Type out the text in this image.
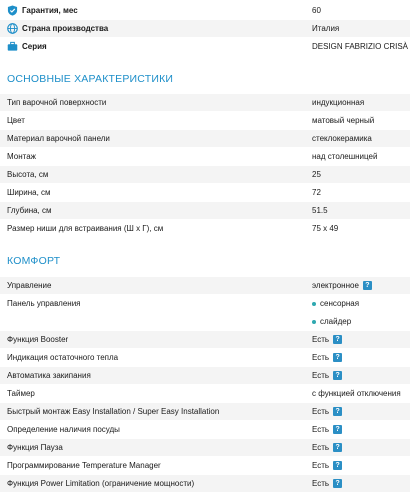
Гарантия, мес	60
Страна производства	Италия
Серия	DESIGN FABRIZIO CRISÀ
ОСНОВНЫЕ ХАРАКТЕРИСТИКИ
Тип варочной поверхности	индукционная
Цвет	матовый черный
Материал варочной панели	стеклокерамика
Монтаж	над столешницей
Высота, см	25
Ширина, см	72
Глубина, см	51.5
Размер ниши для встраивания (Ш х Г), см	75 x 49
КОМФОРТ
Управление	электронное ?
Панель управления	сенсорная
слайдер
Функция Booster	Есть ?
Индикация остаточного тепла	Есть ?
Автоматика закипания	Есть ?
Таймер	с функцией отключения
Быстрый монтаж Easy Installation / Super Easy Installation	Есть ?
Определение наличия посуды	Есть ?
Функция Пауза	Есть ?
Программирование Temperature Manager	Есть ?
Функция Power Limitation (ограничение мощности)	Есть ?
